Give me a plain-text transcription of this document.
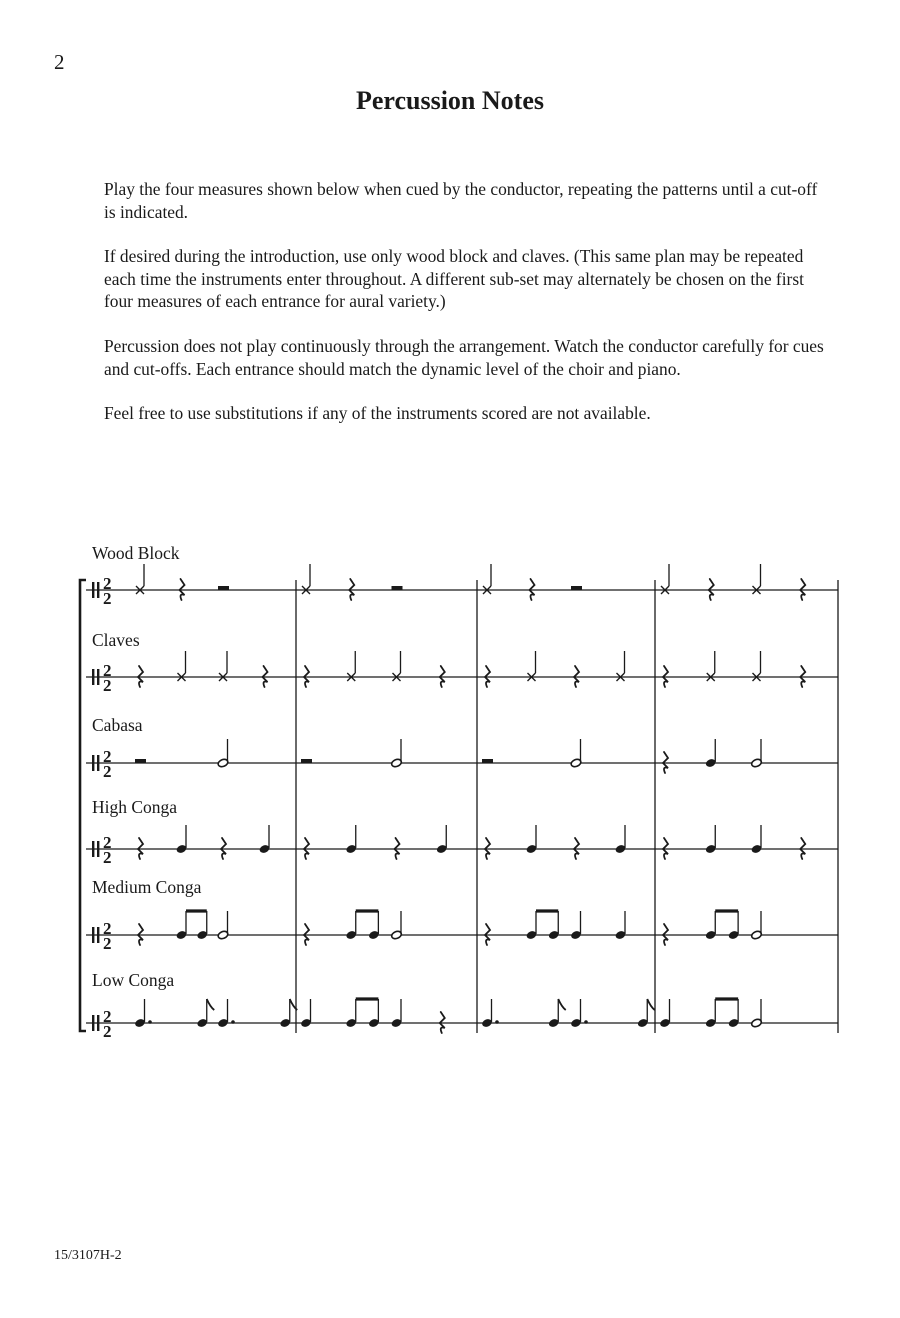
2
Percussion Notes

Play the four measures shown below when cued by the conductor, repeating the patterns until a cut-off is indicated.

If desired during the introduction, use only wood block and claves. (This same plan may be repeated each time the instruments enter throughout. A different sub-set may alternately be chosen on the first four measures of each entrance for aural variety.)

Percussion does not play continuously through the arrangement. Watch the conductor carefully for cues and cut-offs. Each entrance should match the dynamic level of the choir and piano.

Feel free to use substitutions if any of the instruments scored are not available.

Wood Block
2
2
Claves
2
2
Cabasa
2
2
High Conga
2
2
Medium Conga
2
2
Low Conga
2
2
15/3107H-2
